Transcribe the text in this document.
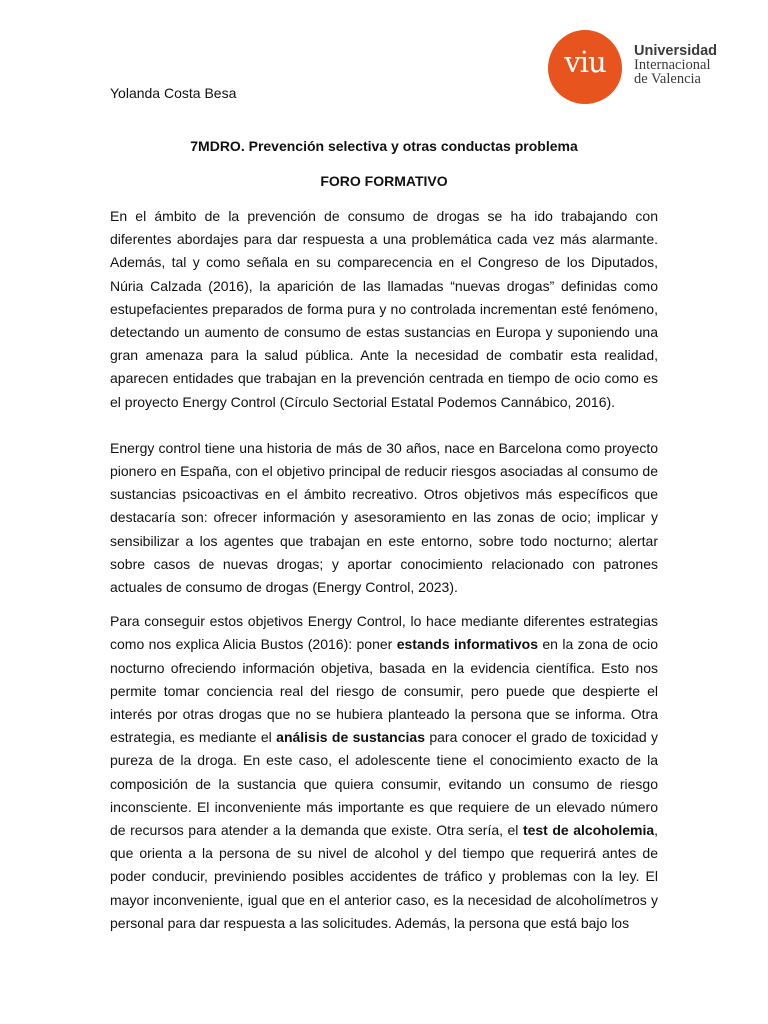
viu	Universidad
Internacional
de Valencia
Yolanda Costa Besa
7MDRO. Prevención selectiva y otras conductas problema
FORO FORMATIVO

En el ámbito de la prevención de consumo de drogas se ha ido trabajando con diferentes abordajes para dar respuesta a una problemática cada vez más alarmante. Además, tal y como señala en su comparecencia en el Congreso de los Diputados, Núria Calzada (2016), la aparición de las llamadas “nuevas drogas” definidas como estupefacientes preparados de forma pura y no controlada incrementan esté fenómeno, detectando un aumento de consumo de estas sustancias en Europa y suponiendo una gran amenaza para la salud pública. Ante la necesidad de combatir esta realidad, aparecen entidades que trabajan en la prevención centrada en tiempo de ocio como es el proyecto Energy Control (Círculo Sectorial Estatal Podemos Cannábico, 2016).

Energy control tiene una historia de más de 30 años, nace en Barcelona como proyecto pionero en España, con el objetivo principal de reducir riesgos asociadas al consumo de sustancias psicoactivas en el ámbito recreativo. Otros objetivos más específicos que destacaría son: ofrecer información y asesoramiento en las zonas de ocio; implicar y sensibilizar a los agentes que trabajan en este entorno, sobre todo nocturno; alertar sobre casos de nuevas drogas; y aportar conocimiento relacionado con patrones actuales de consumo de drogas (Energy Control, 2023).

Para conseguir estos objetivos Energy Control, lo hace mediante diferentes estrategias como nos explica Alicia Bustos (2016): poner estands informativos en la zona de ocio nocturno ofreciendo información objetiva, basada en la evidencia científica. Esto nos permite tomar conciencia real del riesgo de consumir, pero puede que despierte el interés por otras drogas que no se hubiera planteado la persona que se informa. Otra estrategia, es mediante el análisis de sustancias para conocer el grado de toxicidad y pureza de la droga. En este caso, el adolescente tiene el conocimiento exacto de la composición de la sustancia que quiera consumir, evitando un consumo de riesgo inconsciente. El inconveniente más importante es que requiere de un elevado número de recursos para atender a la demanda que existe. Otra sería, el test de alcoholemia, que orienta a la persona de su nivel de alcohol y del tiempo que requerirá antes de poder conducir, previniendo posibles accidentes de tráfico y problemas con la ley. El mayor inconveniente, igual que en el anterior caso, es la necesidad de alcoholímetros y personal para dar respuesta a las solicitudes. Además, la persona que está bajo los
